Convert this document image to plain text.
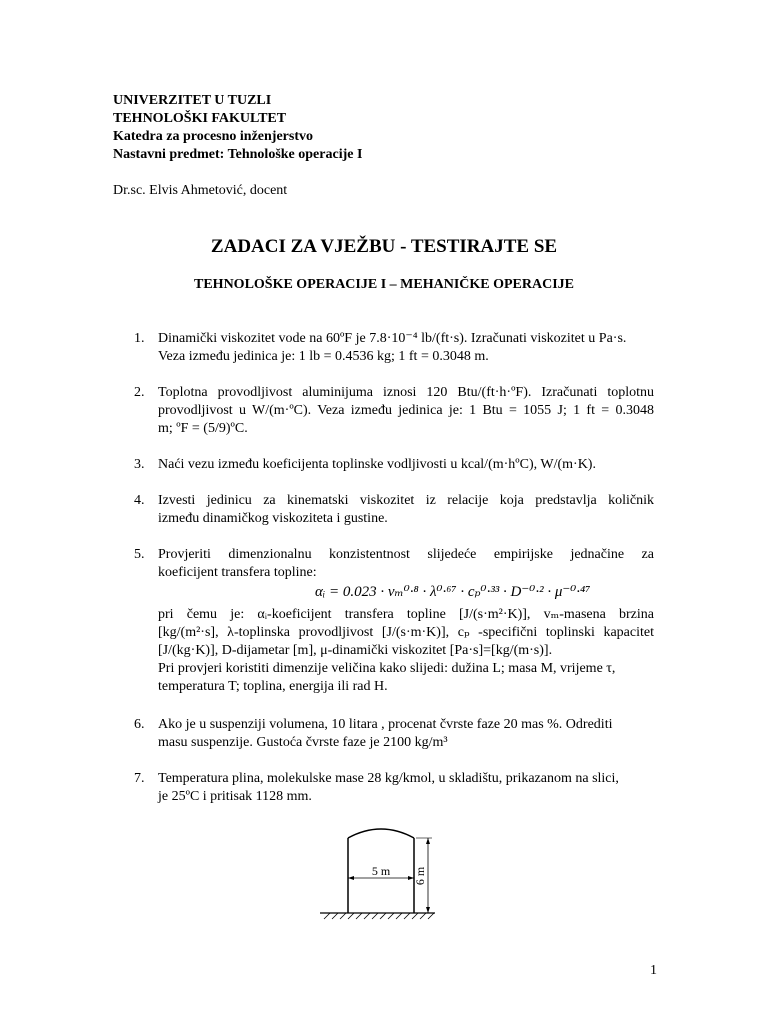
UNIVERZITET U TUZLI
TEHNOLOŠKI FAKULTET
Katedra za procesno inženjerstvo
Nastavni predmet: Tehnološke operacije I
Dr.sc. Elvis Ahmetović, docent
ZADACI ZA VJEŽBU - TESTIRAJTE SE
TEHNOLOŠKE OPERACIJE I – MEHANIČKE OPERACIJE
1. Dinamički viskozitet vode na 60ºF je 7.8·10⁻⁴ lb/(ft·s). Izračunati viskozitet u Pa·s.
Veza između jedinica je: 1 lb = 0.4536 kg; 1 ft = 0.3048 m.
2. Toplotna provodljivost aluminijuma iznosi 120 Btu/(ft·h·ºF). Izračunati toplotnu
provodljivost u W/(m·ºC). Veza između jedinica je: 1 Btu = 1055 J; 1 ft = 0.3048
m; ºF = (5/9)ºC.
3. Naći vezu između koeficijenta toplinske vodljivosti u kcal/(m·hºC), W/(m·K).
4. Izvesti jedinicu za kinematski viskozitet iz relacije koja predstavlja količnik
između dinamičkog viskoziteta i gustine.
5. Provjeriti dimenzionalnu konzistentnost slijedeće empirijske jednačine za
koeficijent transfera topline:
αᵢ = 0.023 · vₘ⁰·⁸ · λ⁰·⁶⁷ · cₚ⁰·³³ · D⁻⁰·² · μ⁻⁰·⁴⁷
pri čemu je: αᵢ-koeficijent transfera topline [J/(s·m²·K)], vₘ-masena brzina
[kg/(m²·s], λ-toplinska provodljivost [J/(s·m·K)], cₚ -specifični toplinski kapacitet
[J/(kg·K)], D-dijametar [m], μ-dinamički viskozitet [Pa·s]=[kg/(m·s)].
Pri provjeri koristiti dimenzije veličina kako slijedi: dužina L; masa M, vrijeme τ,
temperatura T; toplina, energija ili rad H.
6. Ako je u suspenziji volumena, 10 litara , procenat čvrste faze 20 mas %. Odrediti
masu suspenzije. Gustoća čvrste faze je 2100 kg/m³
7. Temperatura plina, molekulske mase 28 kg/kmol, u skladištu, prikazanom na slici,
je 25ºC i pritisak 1128 mm.
5 m 6 m
1
